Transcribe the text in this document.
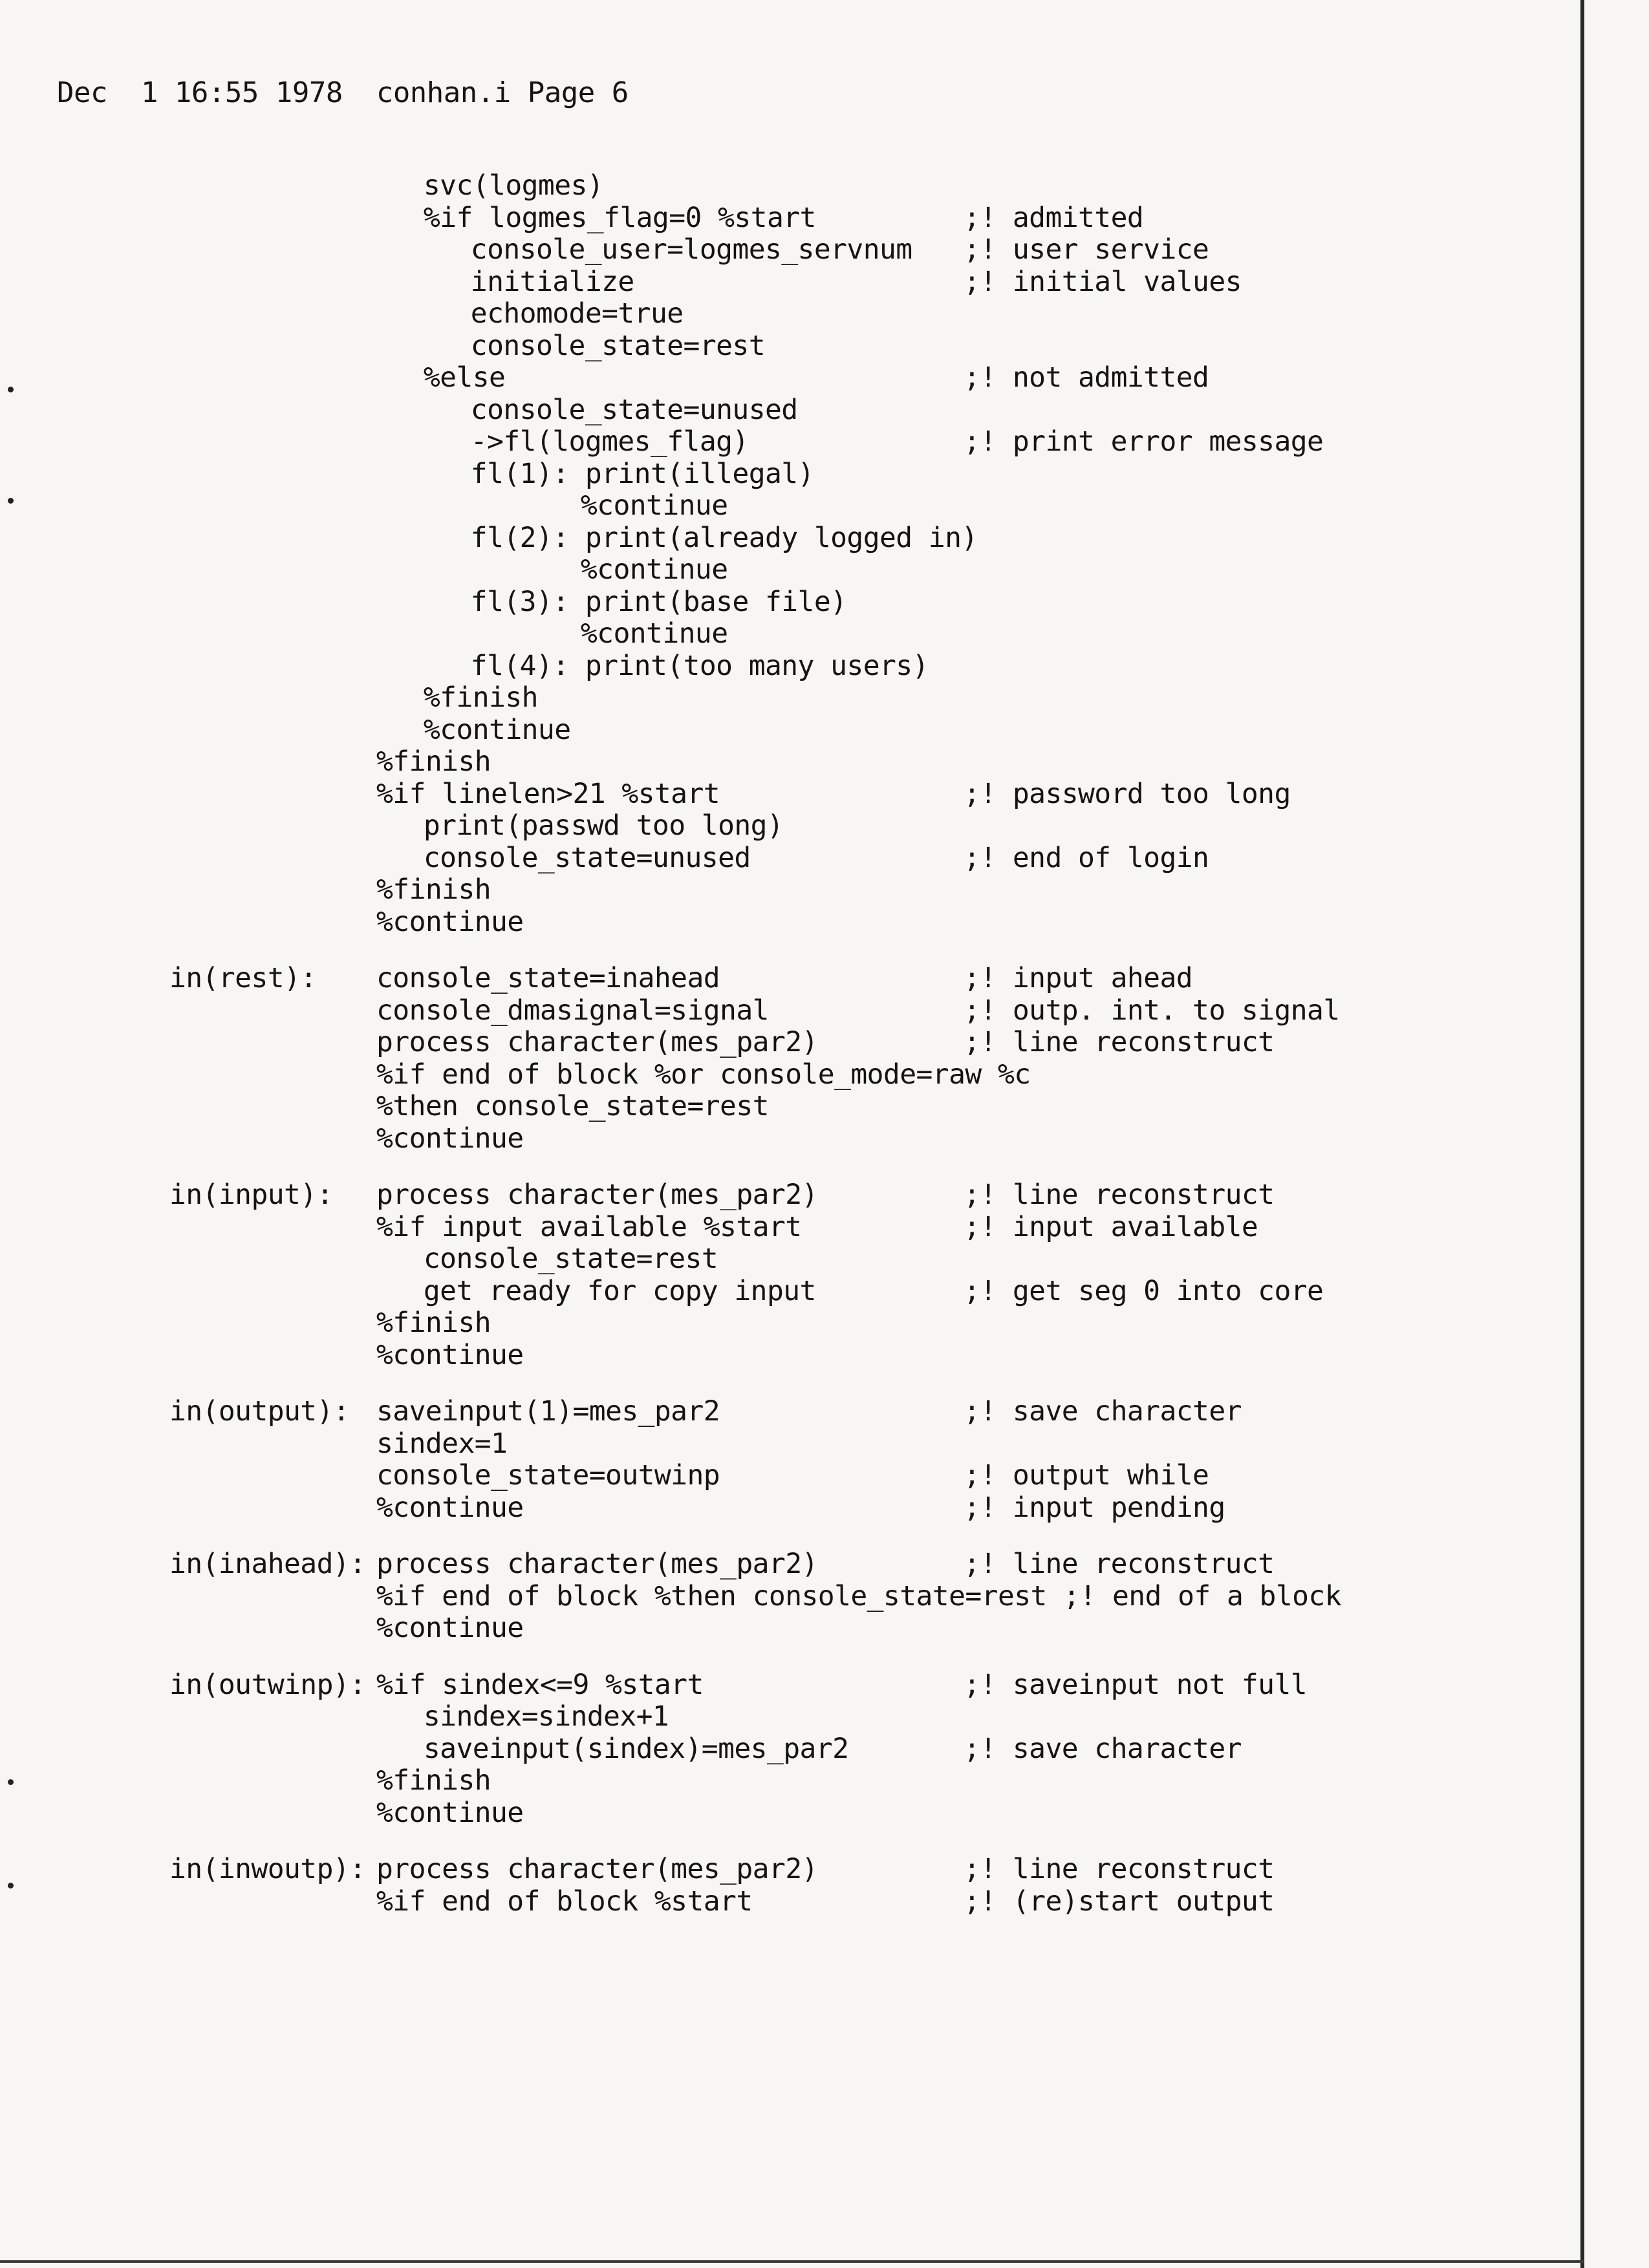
Dec  1 16:55 1978 conhan.i Page 6
svc(logmes)
%if logmes_flag=0 %start	;! admitted
console_user=logmes_servnum ;! user service
initialize	;! initial values
echomode=true
console_state=rest
%else	;! not admitted
console_state=unused
->fl(logmes_flag)	;! print error message
fl(1): print(illegal)
%continue
fl(2): print(already logged in)
%continue
fl(3): print(base file)
%continue
fl(4): print(too many users)
%finish
%continue
%finish
%if linelen>21 %start	;! password too long
print(passwd too long)
console_state=unused	;! end of login
%finish
%continue
in(rest): console_state=inahead	;! input ahead
console_dmasignal=signal	;! outp. int. to signal
process character(mes_par2)	;! line reconstruct
%if end of block %or console_mode=raw %c
%then console_state=rest
%continue
in(input): process character(mes_par2)	;! line reconstruct
%if input available %start	;! input available
console_state=rest
get ready for copy input	;! get seg 0 into core
%finish
%continue
in(output): saveinput(1)=mes_par2	;! save character
sindex=1
console_state=outwinp	;! output while
%continue	;! input pending
in(inahead): process character(mes_par2)	;! line reconstruct
%if end of block %then console_state=rest ;! end of a block
%continue
in(outwinp): %if sindex<=9 %start	;! saveinput not full
sindex=sindex+1
saveinput(sindex)=mes_par2	;! save character
%finish
%continue
in(inwoutp): process character(mes_par2)	;! line reconstruct
%if end of block %start	;! (re)start output
